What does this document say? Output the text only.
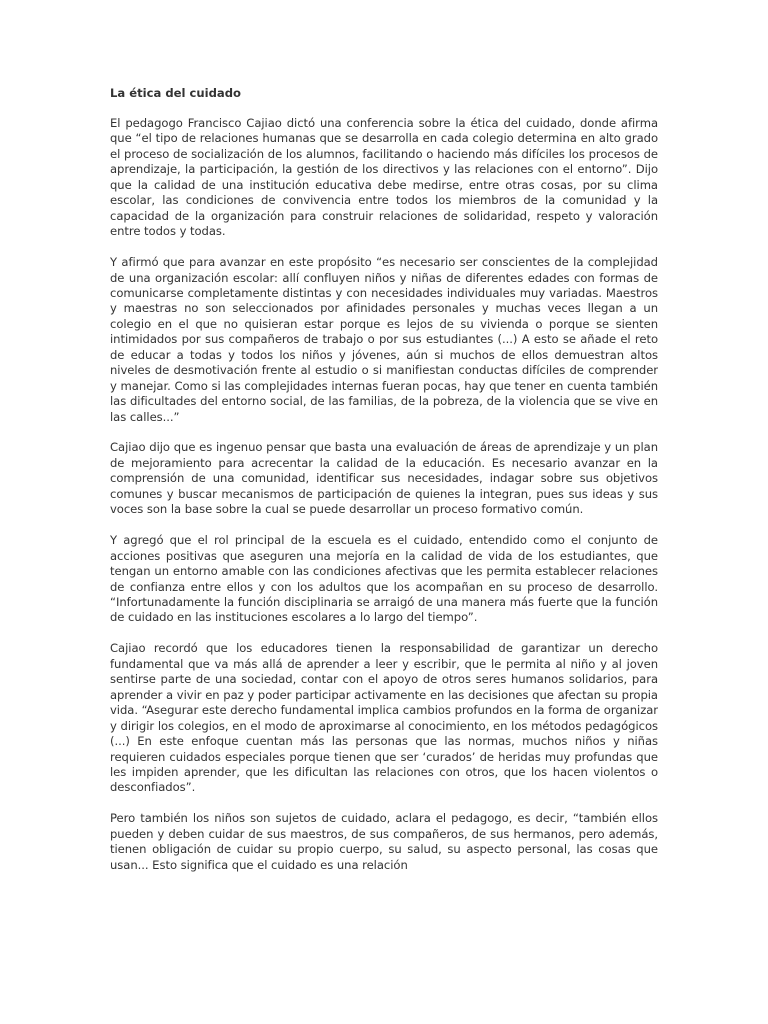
La ética del cuidado

El pedagogo Francisco Cajiao dictó una conferencia sobre la ética del cuidado, donde afirma que “el tipo de relaciones humanas que se desarrolla en cada colegio determina en alto grado el proceso de socialización de los alumnos, facilitando o haciendo más difíciles los procesos de aprendizaje, la participación, la gestión de los directivos y las relaciones con el entorno”. Dijo que la calidad de una institución educativa debe medirse, entre otras cosas, por su clima escolar, las condiciones de convivencia entre todos los miembros de la comunidad y la capacidad de la organización para construir relaciones de solidaridad, respeto y valoración entre todos y todas.

Y afirmó que para avanzar en este propósito “es necesario ser conscientes de la complejidad de una organización escolar: allí confluyen niños y niñas de diferentes edades con formas de comunicarse completamente distintas y con necesidades individuales muy variadas. Maestros y maestras no son seleccionados por afinidades personales y muchas veces llegan a un colegio en el que no quisieran estar porque es lejos de su vivienda o porque se sienten intimidados por sus compañeros de trabajo o por sus estudiantes (...) A esto se añade el reto de educar a todas y todos los niños y jóvenes, aún si muchos de ellos demuestran altos niveles de desmotivación frente al estudio o si manifiestan conductas difíciles de comprender y manejar. Como si las complejidades internas fueran pocas, hay que tener en cuenta también las dificultades del entorno social, de las familias, de la pobreza, de la violencia que se vive en las calles...”

Cajiao dijo que es ingenuo pensar que basta una evaluación de áreas de aprendizaje y un plan de mejoramiento para acrecentar la calidad de la educación. Es necesario avanzar en la comprensión de una comunidad, identificar sus necesidades, indagar sobre sus objetivos comunes y buscar mecanismos de participación de quienes la integran, pues sus ideas y sus voces son la base sobre la cual se puede desarrollar un proceso formativo común.

Y agregó que el rol principal de la escuela es el cuidado, entendido como el conjunto de acciones positivas que aseguren una mejoría en la calidad de vida de los estudiantes, que tengan un entorno amable con las condiciones afectivas que les permita establecer relaciones de confianza entre ellos y con los adultos que los acompañan en su proceso de desarrollo. “Infortunadamente la función disciplinaria se arraigó de una manera más fuerte que la función de cuidado en las instituciones escolares a lo largo del tiempo”.

Cajiao recordó que los educadores tienen la responsabilidad de garantizar un derecho fundamental que va más allá de aprender a leer y escribir, que le permita al niño y al joven sentirse parte de una sociedad, contar con el apoyo de otros seres humanos solidarios, para aprender a vivir en paz y poder participar activamente en las decisiones que afectan su propia vida. “Asegurar este derecho fundamental implica cambios profundos en la forma de organizar y dirigir los colegios, en el modo de aproximarse al conocimiento, en los métodos pedagógicos (...) En este enfoque cuentan más las personas que las normas, muchos niños y niñas requieren cuidados especiales porque tienen que ser ‘curados’ de heridas muy profundas que les impiden aprender, que les dificultan las relaciones con otros, que los hacen violentos o desconfiados”.

Pero también los niños son sujetos de cuidado, aclara el pedagogo, es decir, “también ellos pueden y deben cuidar de sus maestros, de sus compañeros, de sus hermanos, pero además, tienen obligación de cuidar su propio cuerpo, su salud, su aspecto personal, las cosas que usan... Esto significa que el cuidado es una relación
